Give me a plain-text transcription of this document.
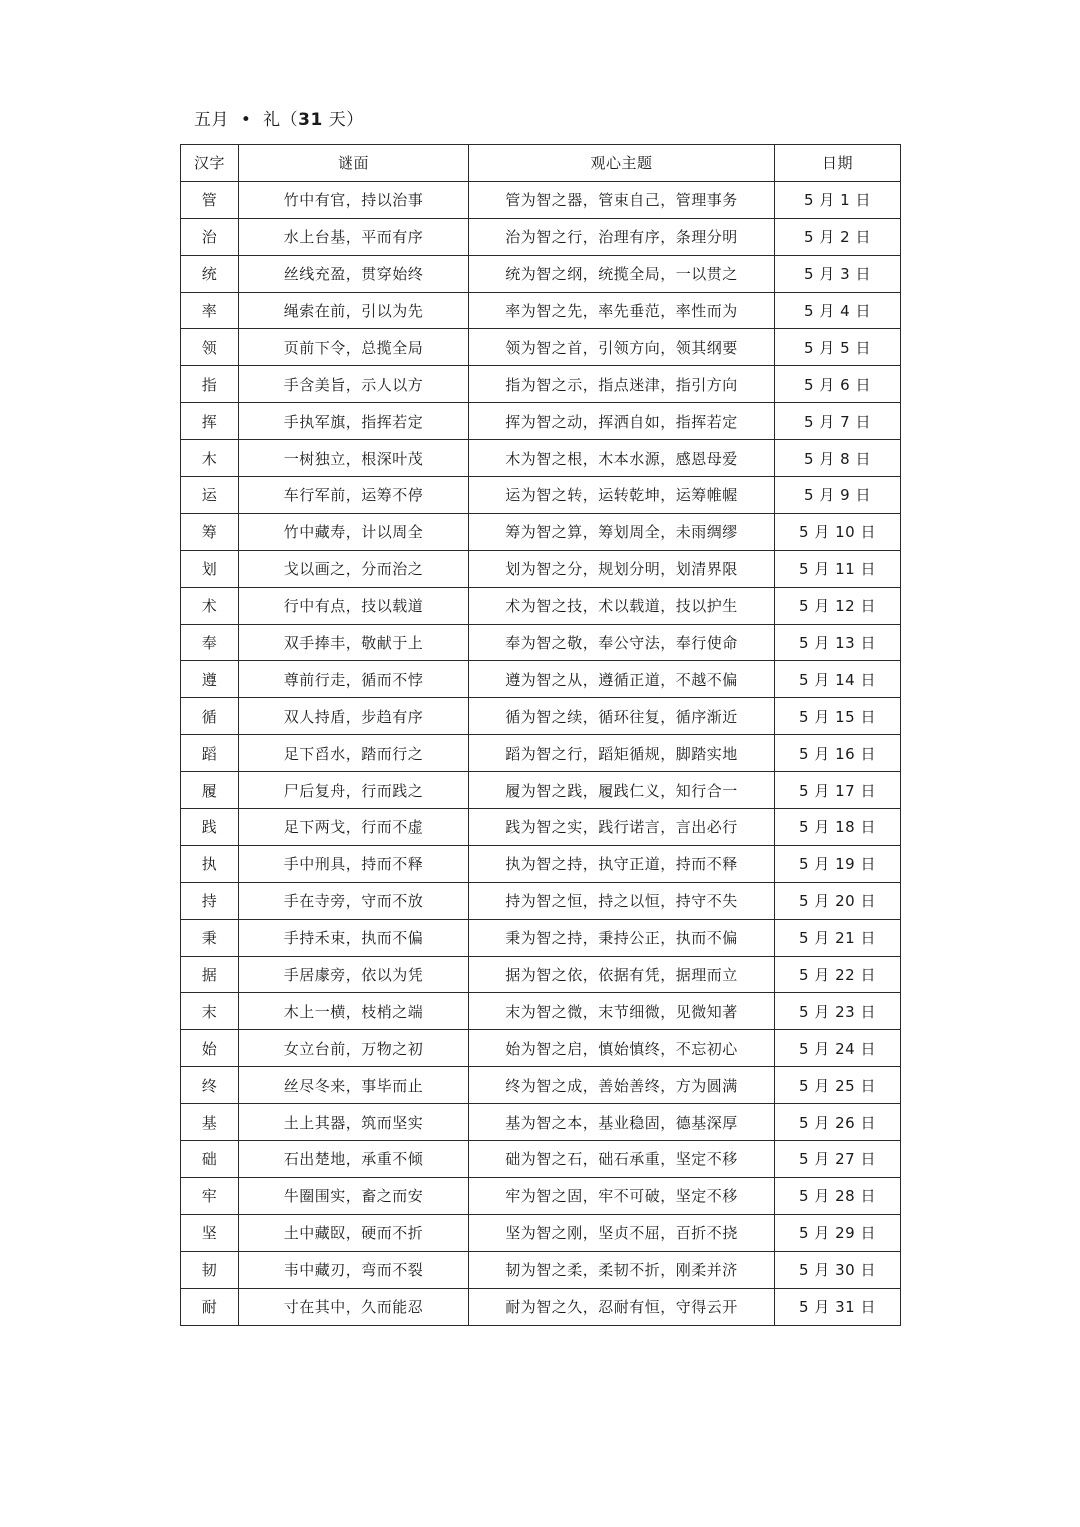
五月 • 礼（31 天）
汉字	谜面	观心主题	日期
管	竹中有官，持以治事	管为智之器，管束自己，管理事务	5 月 1 日
治	水上台基，平而有序	治为智之行，治理有序，条理分明	5 月 2 日
统	丝线充盈，贯穿始终	统为智之纲，统揽全局，一以贯之	5 月 3 日
率	绳索在前，引以为先	率为智之先，率先垂范，率性而为	5 月 4 日
领	页前下令，总揽全局	领为智之首，引领方向，领其纲要	5 月 5 日
指	手含美旨，示人以方	指为智之示，指点迷津，指引方向	5 月 6 日
挥	手执军旗，指挥若定	挥为智之动，挥洒自如，指挥若定	5 月 7 日
木	一树独立，根深叶茂	木为智之根，木本水源，感恩母爱	5 月 8 日
运	车行军前，运筹不停	运为智之转，运转乾坤，运筹帷幄	5 月 9 日
筹	竹中藏寿，计以周全	筹为智之算，筹划周全，未雨绸缪	5 月 10 日
划	戈以画之，分而治之	划为智之分，规划分明，划清界限	5 月 11 日
术	行中有点，技以载道	术为智之技，术以载道，技以护生	5 月 12 日
奉	双手捧丰，敬献于上	奉为智之敬，奉公守法，奉行使命	5 月 13 日
遵	尊前行走，循而不悖	遵为智之从，遵循正道，不越不偏	5 月 14 日
循	双人持盾，步趋有序	循为智之续，循环往复，循序渐近	5 月 15 日
蹈	足下舀水，踏而行之	蹈为智之行，蹈矩循规，脚踏实地	5 月 16 日
履	尸后复舟，行而践之	履为智之践，履践仁义，知行合一	5 月 17 日
践	足下两戈，行而不虚	践为智之实，践行诺言，言出必行	5 月 18 日
执	手中刑具，持而不释	执为智之持，执守正道，持而不释	5 月 19 日
持	手在寺旁，守而不放	持为智之恒，持之以恒，持守不失	5 月 20 日
秉	手持禾束，执而不偏	秉为智之持，秉持公正，执而不偏	5 月 21 日
据	手居豦旁，依以为凭	据为智之依，依据有凭，据理而立	5 月 22 日
末	木上一横，枝梢之端	末为智之微，末节细微，见微知著	5 月 23 日
始	女立台前，万物之初	始为智之启，慎始慎终，不忘初心	5 月 24 日
终	丝尽冬来，事毕而止	终为智之成，善始善终，方为圆满	5 月 25 日
基	土上其器，筑而坚实	基为智之本，基业稳固，德基深厚	5 月 26 日
础	石出楚地，承重不倾	础为智之石，础石承重，坚定不移	5 月 27 日
牢	牛圈围实，畜之而安	牢为智之固，牢不可破，坚定不移	5 月 28 日
坚	土中藏臤，硬而不折	坚为智之刚，坚贞不屈，百折不挠	5 月 29 日
韧	韦中藏刃，弯而不裂	韧为智之柔，柔韧不折，刚柔并济	5 月 30 日
耐	寸在其中，久而能忍	耐为智之久，忍耐有恒，守得云开	5 月 31 日
